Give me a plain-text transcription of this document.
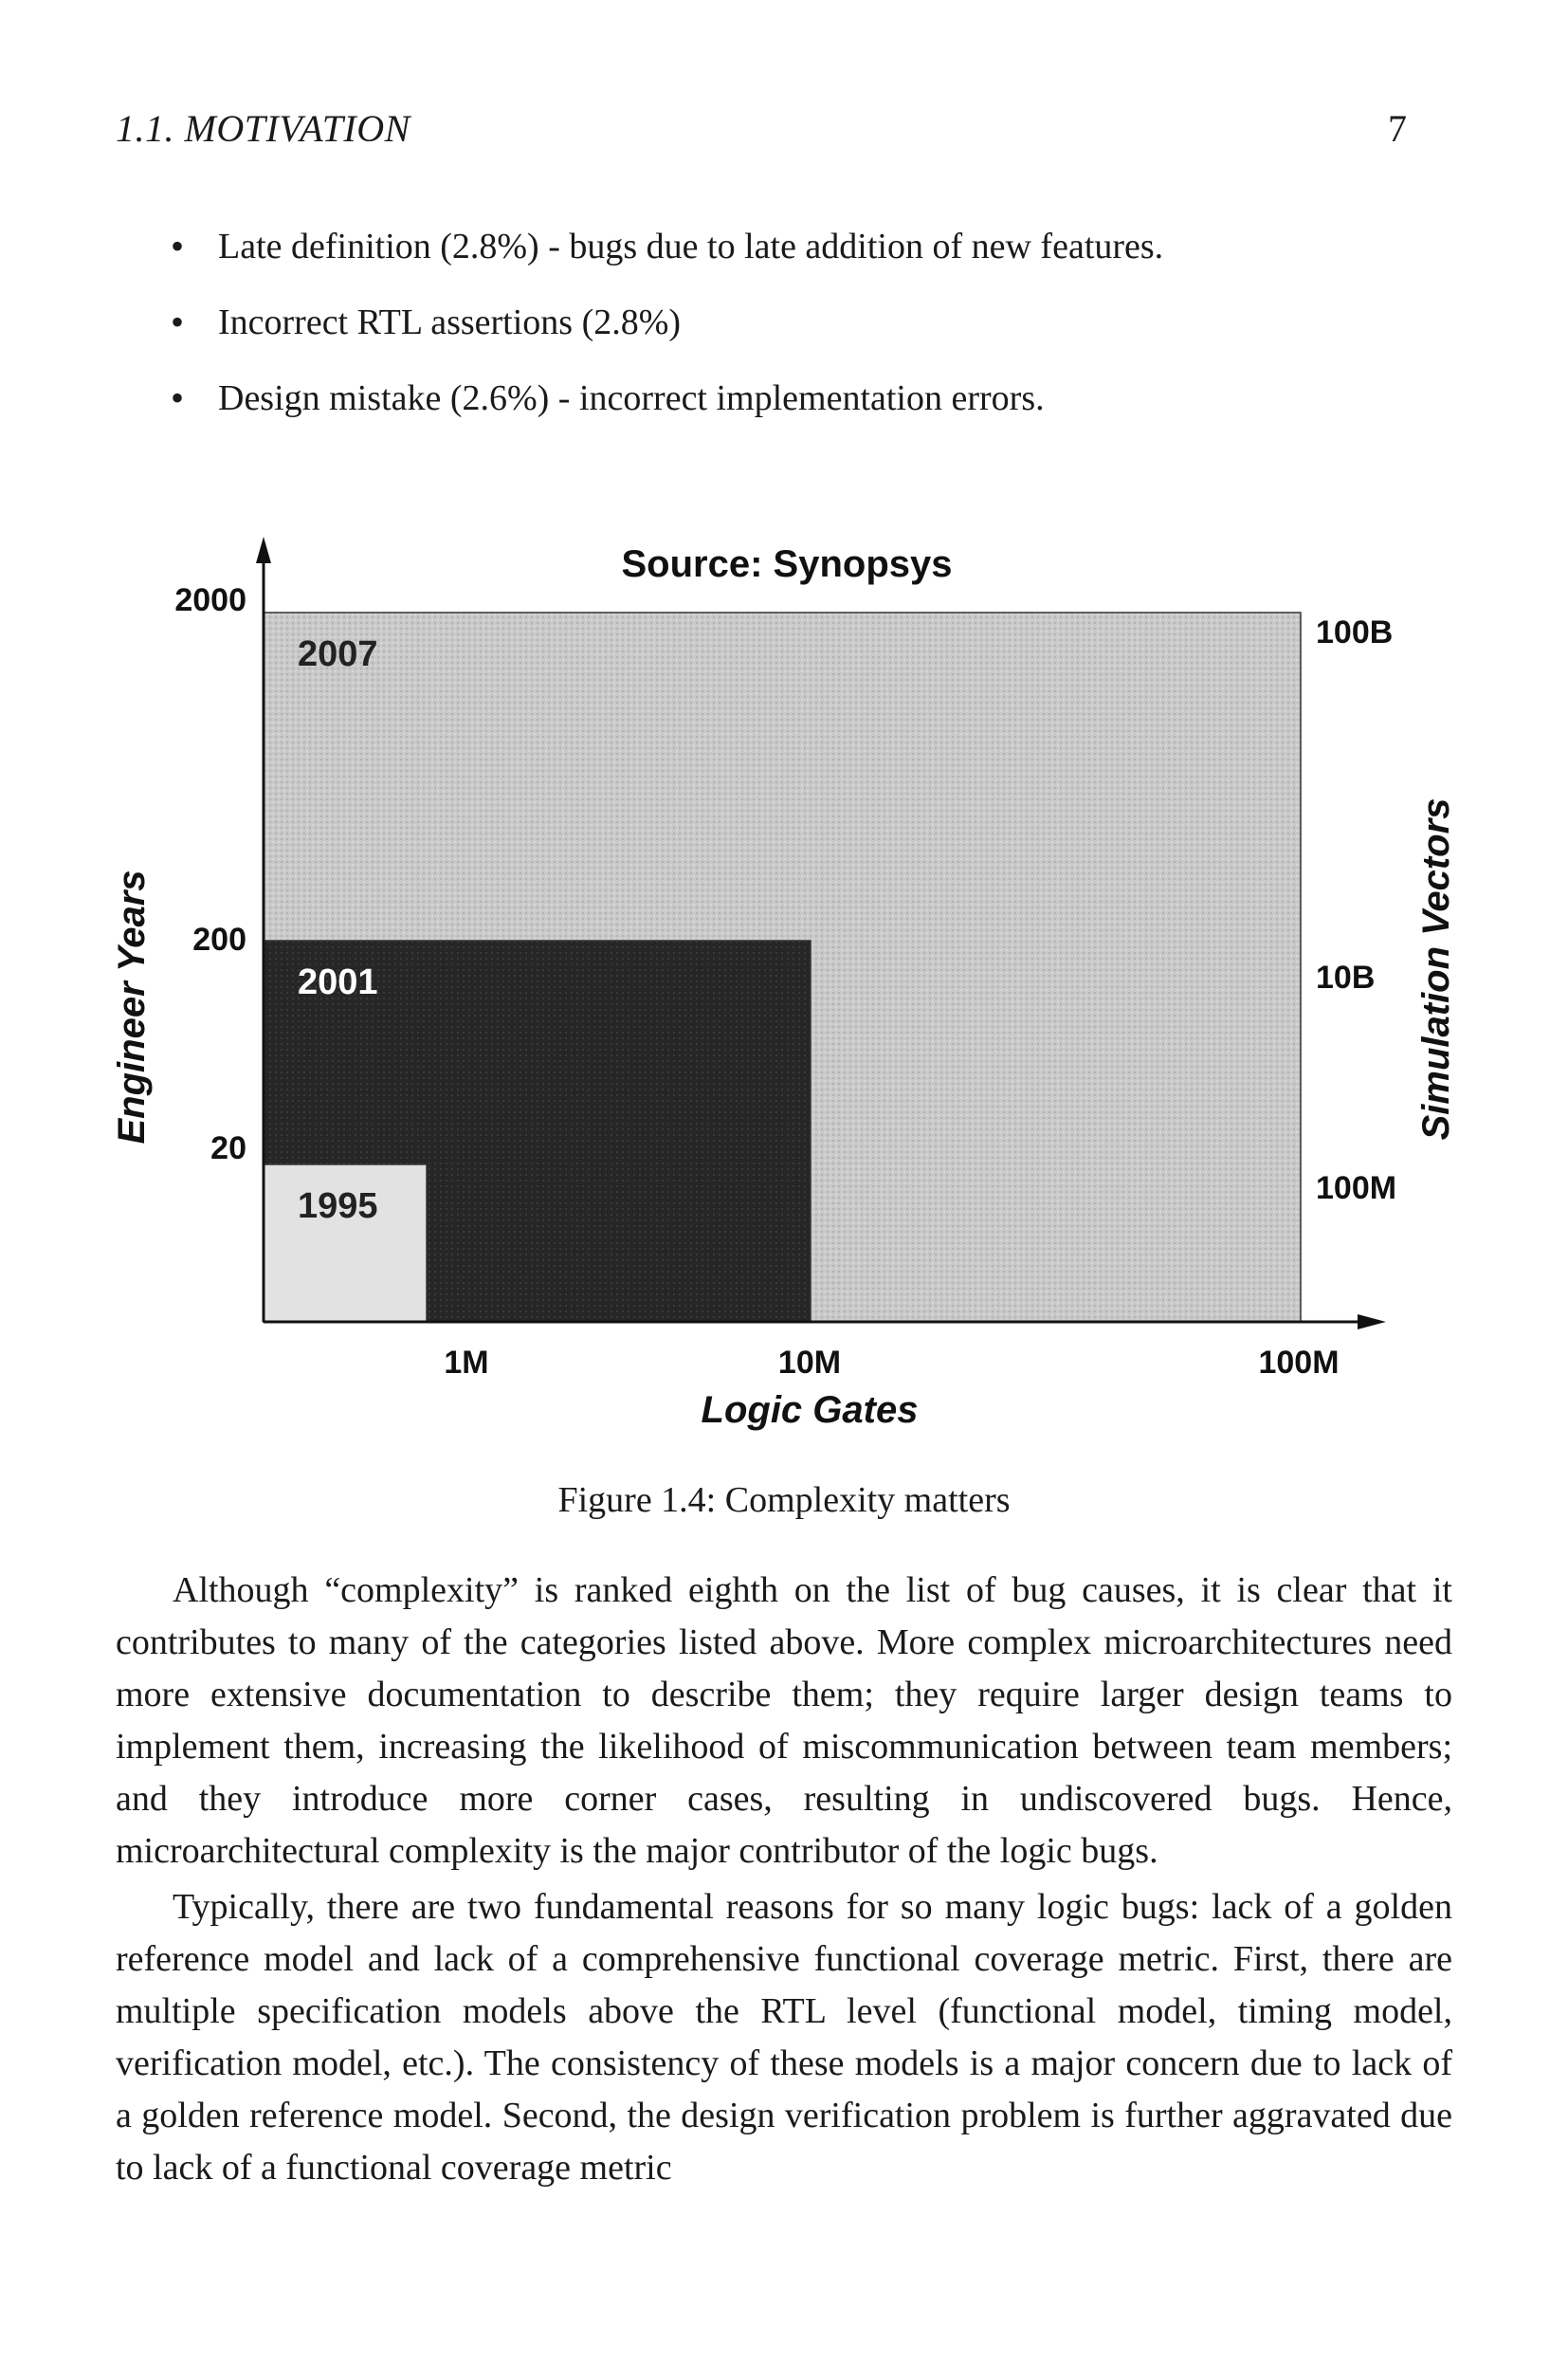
1.1. MOTIVATION	7
• Late definition (2.8%) - bugs due to late addition of new features.
• Incorrect RTL assertions (2.8%)
• Design mistake (2.6%) - incorrect implementation errors.
2007
2001
1995
Source: Synopsys
20
200
2000
100M
10B
100B
1M	10M	100M
Logic Gates
Engineer Years	Simulation Vectors
Figure 1.4: Complexity matters

Although “complexity” is ranked eighth on the list of bug causes, it is clear that it contributes to many of the categories listed above. More complex microarchitectures need more extensive documentation to describe them; they require larger design teams to implement them, increasing the likelihood of miscommunication between team members; and they introduce more corner cases, resulting in undiscovered bugs. Hence, microarchitectural complexity is the major contributor of the logic bugs.

Typically, there are two fundamental reasons for so many logic bugs: lack of a golden reference model and lack of a comprehensive functional coverage metric. First, there are multiple specification models above the RTL level (functional model, timing model, verification model, etc.). The consistency of these models is a major concern due to lack of a golden reference model. Second, the design verification problem is further aggravated due to lack of a functional coverage metric
